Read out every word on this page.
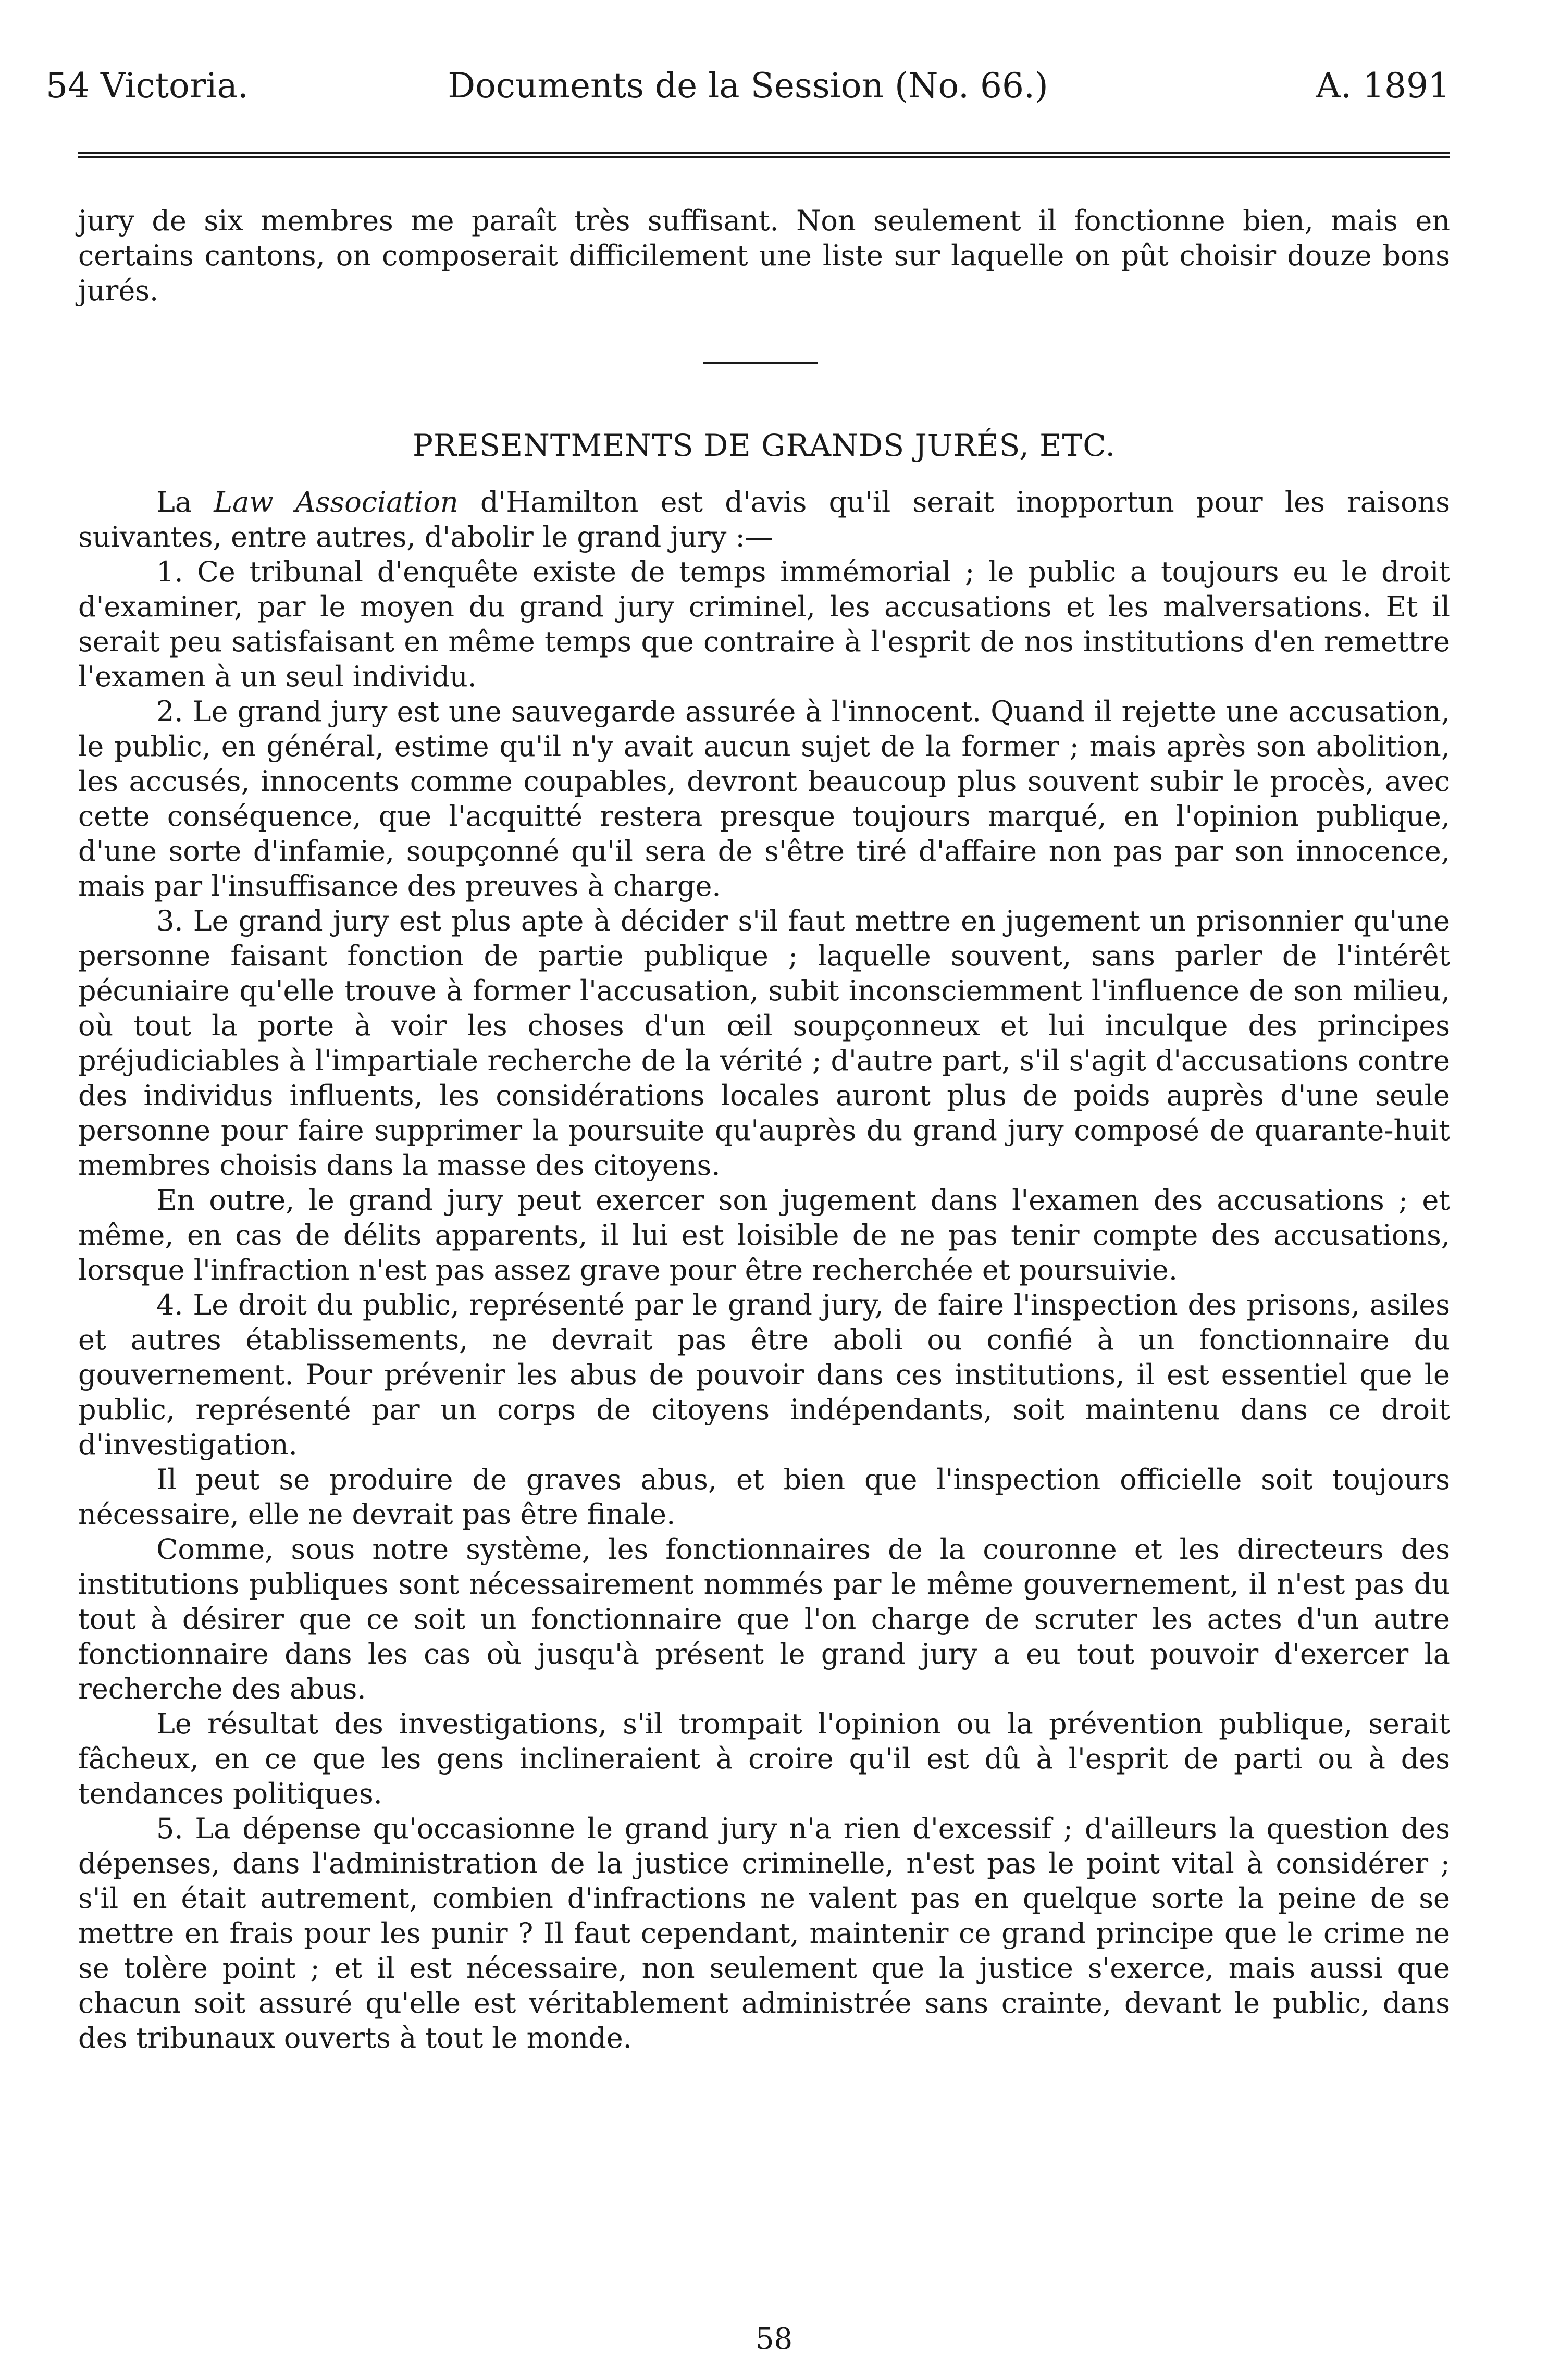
54 Victoria.	Documents de la Session (No. 66.)	A. 1891
jury de six membres me paraît très suffisant. Non seulement il fonctionne bien, mais en certains cantons, on composerait difficilement une liste sur laquelle on pût choisir douze bons jurés.
PRESENTMENTS DE GRANDS JURÉS, ETC.

La Law Association d'Hamilton est d'avis qu'il serait inopportun pour les raisons suivantes, entre autres, d'abolir le grand jury :—

1. Ce tribunal d'enquête existe de temps immémorial ; le public a toujours eu le droit d'examiner, par le moyen du grand jury criminel, les accusations et les malversations. Et il serait peu satisfaisant en même temps que contraire à l'esprit de nos institutions d'en remettre l'examen à un seul individu.

2. Le grand jury est une sauvegarde assurée à l'innocent. Quand il rejette une accusation, le public, en général, estime qu'il n'y avait aucun sujet de la former ; mais après son abolition, les accusés, innocents comme coupables, devront beaucoup plus souvent subir le procès, avec cette conséquence, que l'acquitté restera presque toujours marqué, en l'opinion publique, d'une sorte d'infamie, soupçonné qu'il sera de s'être tiré d'affaire non pas par son innocence, mais par l'insuffisance des preuves à charge.

3. Le grand jury est plus apte à décider s'il faut mettre en jugement un prisonnier qu'une personne faisant fonction de partie publique ; laquelle souvent, sans parler de l'intérêt pécuniaire qu'elle trouve à former l'accusation, subit inconsciemment l'influence de son milieu, où tout la porte à voir les choses d'un œil soupçonneux et lui inculque des principes préjudiciables à l'impartiale recherche de la vérité ; d'autre part, s'il s'agit d'accusations contre des individus influents, les considérations locales auront plus de poids auprès d'une seule personne pour faire supprimer la poursuite qu'auprès du grand jury composé de quarante-huit membres choisis dans la masse des citoyens.

En outre, le grand jury peut exercer son jugement dans l'examen des accusations ; et même, en cas de délits apparents, il lui est loisible de ne pas tenir compte des accusations, lorsque l'infraction n'est pas assez grave pour être recherchée et poursuivie.

4. Le droit du public, représenté par le grand jury, de faire l'inspection des prisons, asiles et autres établissements, ne devrait pas être aboli ou confié à un fonctionnaire du gouvernement. Pour prévenir les abus de pouvoir dans ces institutions, il est essentiel que le public, représenté par un corps de citoyens indépendants, soit maintenu dans ce droit d'investigation.

Il peut se produire de graves abus, et bien que l'inspection officielle soit toujours nécessaire, elle ne devrait pas être finale.

Comme, sous notre système, les fonctionnaires de la couronne et les directeurs des institutions publiques sont nécessairement nommés par le même gouvernement, il n'est pas du tout à désirer que ce soit un fonctionnaire que l'on charge de scruter les actes d'un autre fonctionnaire dans les cas où jusqu'à présent le grand jury a eu tout pouvoir d'exercer la recherche des abus.

Le résultat des investigations, s'il trompait l'opinion ou la prévention publique, serait fâcheux, en ce que les gens inclineraient à croire qu'il est dû à l'esprit de parti ou à des tendances politiques.

5. La dépense qu'occasionne le grand jury n'a rien d'excessif ; d'ailleurs la question des dépenses, dans l'administration de la justice criminelle, n'est pas le point vital à considérer ; s'il en était autrement, combien d'infractions ne valent pas en quelque sorte la peine de se mettre en frais pour les punir ? Il faut cependant, maintenir ce grand principe que le crime ne se tolère point ; et il est nécessaire, non seulement que la justice s'exerce, mais aussi que chacun soit assuré qu'elle est véritablement administrée sans crainte, devant le public, dans des tribunaux ouverts à tout le monde.

58
